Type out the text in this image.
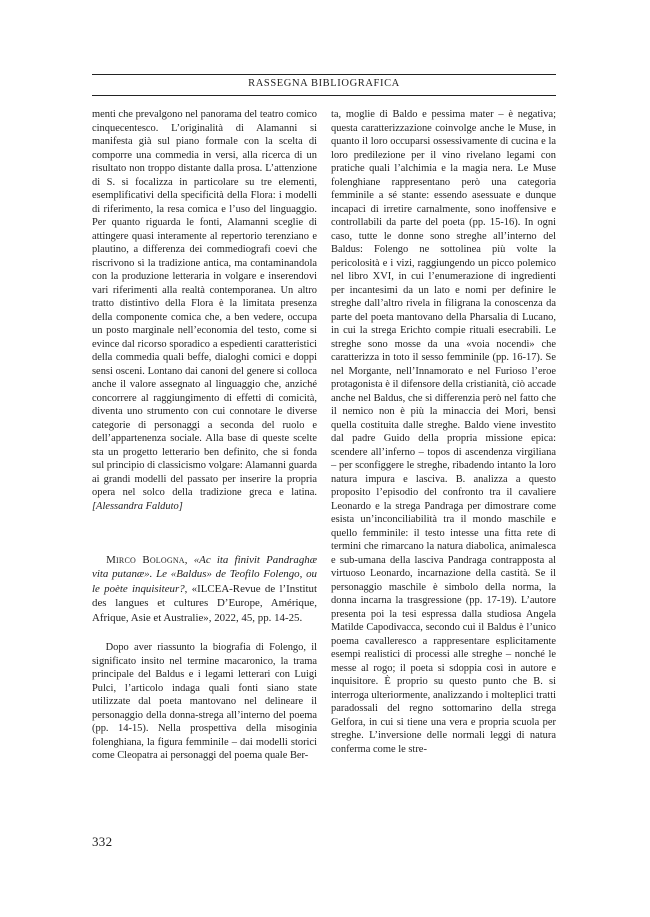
RASSEGNA BIBLIOGRAFICA

menti che prevalgono nel panorama del teatro comico cinquecentesco. L’originalità di Alamanni si manifesta già sul piano formale con la scelta di comporre una commedia in versi, alla ricerca di un risultato non troppo distante dalla prosa. L’attenzione di S. si focalizza in particolare su tre elementi, esemplificativi della specificità della Flora: i modelli di riferimento, la resa comica e l’uso del linguaggio. Per quanto riguarda le fonti, Alamanni sceglie di attingere quasi interamente al repertorio terenziano e plautino, a differenza dei commediografi coevi che riscrivono sì la tradizione antica, ma contaminandola con la produzione letteraria in volgare e inserendovi vari riferimenti alla realtà contemporanea. Un altro tratto distintivo della Flora è la limitata presenza della componente comica che, a ben vedere, occupa un posto marginale nell’economia del testo, come si evince dal ricorso sporadico a espedienti caratteristici della commedia quali beffe, dialoghi comici e doppi sensi osceni. Lontano dai canoni del genere si colloca anche il valore assegnato al linguaggio che, anziché concorrere al raggiungimento di effetti di comicità, diventa uno strumento con cui connotare le diverse categorie di personaggi a seconda del ruolo e dell’appartenenza sociale. Alla base di queste scelte sta un progetto letterario ben definito, che si fonda sul principio di classicismo volgare: Alamanni guarda ai grandi modelli del passato per inserire la propria opera nel solco della tradizione greca e latina. [Alessandra Falduto]

Mirco Bologna, «Ac ita finivit Pandraghæ vita putanæ». Le «Baldus» de Teofilo Folengo, ou le poète inquisiteur?, «ILCEA-Revue de l’Institut des langues et cultures D’Europe, Amérique, Afrique, Asie et Australie», 2022, 45, pp. 14-25.

Dopo aver riassunto la biografia di Folengo, il significato insito nel termine macaronico, la trama principale del Baldus e i legami letterari con Luigi Pulci, l’articolo indaga quali fonti siano state utilizzate dal poeta mantovano nel delineare il personaggio della donna-strega all’interno del poema (pp. 14-15). Nella prospettiva della misoginia folenghiana, la figura femminile – dai modelli storici come Cleopatra ai personaggi del poema quale Ber-

ta, moglie di Baldo e pessima mater – è negativa; questa caratterizzazione coinvolge anche le Muse, in quanto il loro occuparsi ossessivamente di cucina e la loro predilezione per il vino rivelano legami con pratiche quali l’alchimia e la magia nera. Le Muse folenghiane rappresentano però una categoria femminile a sé stante: essendo asessuate e dunque incapaci di irretire carnalmente, sono inoffensive e controllabili da parte del poeta (pp. 15-16). In ogni caso, tutte le donne sono streghe all’interno del Baldus: Folengo ne sottolinea più volte la pericolosità e i vizi, raggiungendo un picco polemico nel libro XVI, in cui l’enumerazione di ingredienti per incantesimi da un lato e nomi per definire le streghe dall’altro rivela in filigrana la conoscenza da parte del poeta mantovano della Pharsalia di Lucano, in cui la strega Erichto compie rituali esecrabili. Le streghe sono mosse da una «voia nocendi» che caratterizza in toto il sesso femminile (pp. 16-17). Se nel Morgante, nell’Innamorato e nel Furioso l’eroe protagonista è il difensore della cristianità, ciò accade anche nel Baldus, che si differenzia però nel fatto che il nemico non è più la minaccia dei Mori, bensì quella costituita dalle streghe. Baldo viene investito dal padre Guido della propria missione epica: scendere all’inferno – topos di ascendenza virgiliana – per sconfiggere le streghe, ribadendo intanto la loro natura impura e lasciva. B. analizza a questo proposito l’episodio del confronto tra il cavaliere Leonardo e la strega Pandraga per dimostrare come esista un’inconciliabilità tra il mondo maschile e quello femminile: il testo intesse una fitta rete di termini che rimarcano la natura diabolica, animalesca e sub-umana della lasciva Pandraga contrapposta al virtuoso Leonardo, incarnazione della castità. Se il personaggio maschile è simbolo della norma, la donna incarna la trasgressione (pp. 17-19). L’autore presenta poi la tesi espressa dalla studiosa Angela Matilde Capodivacca, secondo cui il Baldus è l’unico poema cavalleresco a rappresentare esplicitamente esempi realistici di processi alle streghe – nonché le messe al rogo; il poeta si sdoppia così in autore e inquisitore. È proprio su questo punto che B. si interroga ulteriormente, analizzando i molteplici tratti paradossali del regno sottomarino della strega Gelfora, in cui si tiene una vera e propria scuola per streghe. L’inversione delle normali leggi di natura conferma come le stre-

332
